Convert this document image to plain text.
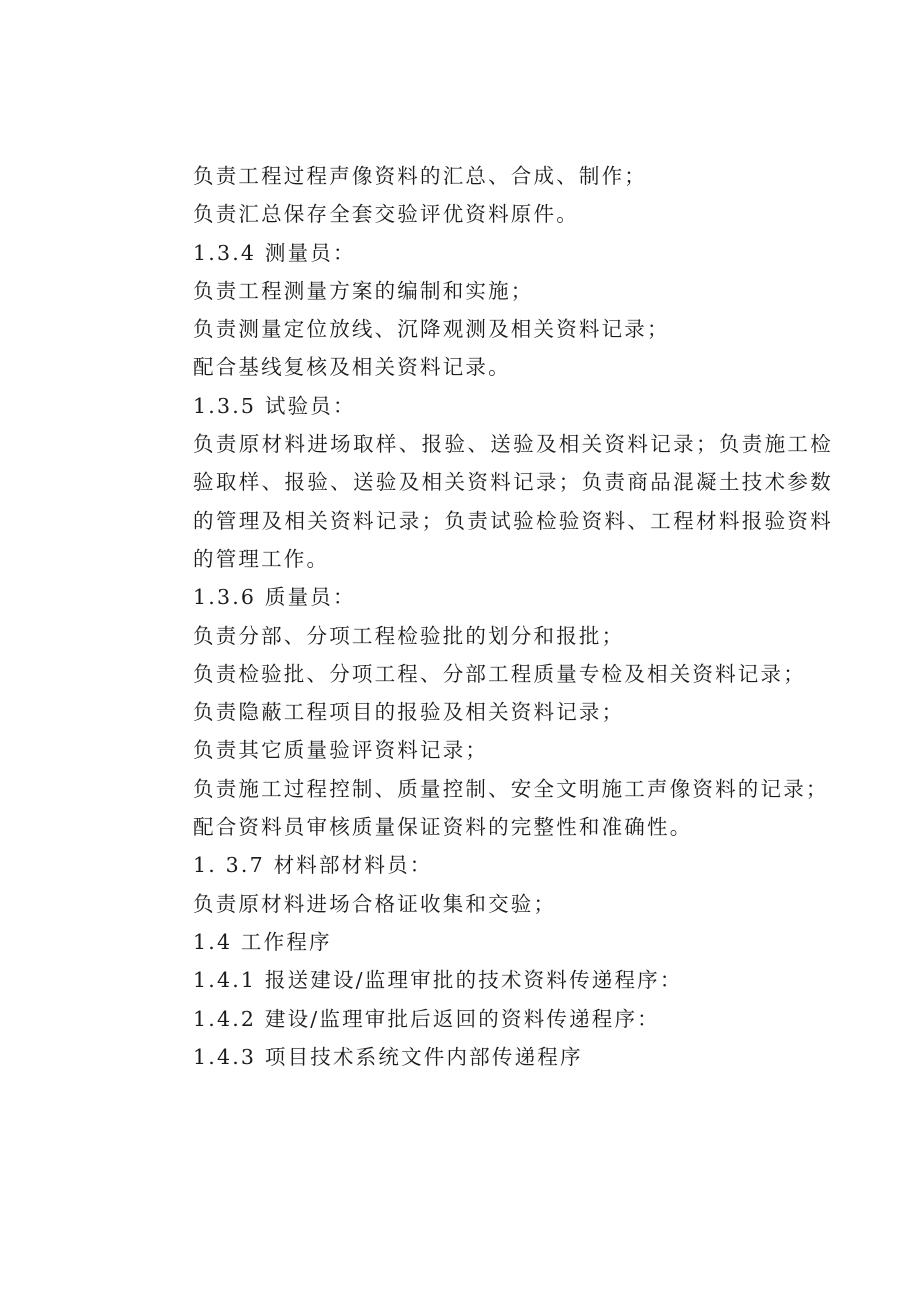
负责工程过程声像资料的汇总、合成、制作；
负责汇总保存全套交验评优资料原件。
1.3.4 测量员：
负责工程测量方案的编制和实施；
负责测量定位放线、沉降观测及相关资料记录；
配合基线复核及相关资料记录。
1.3.5 试验员：
负责原材料进场取样、报验、送验及相关资料记录；负责施工检验取样、报验、送验及相关资料记录；负责商品混凝土技术参数的管理及相关资料记录；负责试验检验资料、工程材料报验资料的管理工作。
1.3.6 质量员：
负责分部、分项工程检验批的划分和报批；
负责检验批、分项工程、分部工程质量专检及相关资料记录；
负责隐蔽工程项目的报验及相关资料记录；
负责其它质量验评资料记录；
负责施工过程控制、质量控制、安全文明施工声像资料的记录；
配合资料员审核质量保证资料的完整性和准确性。
1. 3.7 材料部材料员：
负责原材料进场合格证收集和交验；
1.4 工作程序
1.4.1 报送建设/监理审批的技术资料传递程序：
1.4.2 建设/监理审批后返回的资料传递程序：
1.4.3 项目技术系统文件内部传递程序
